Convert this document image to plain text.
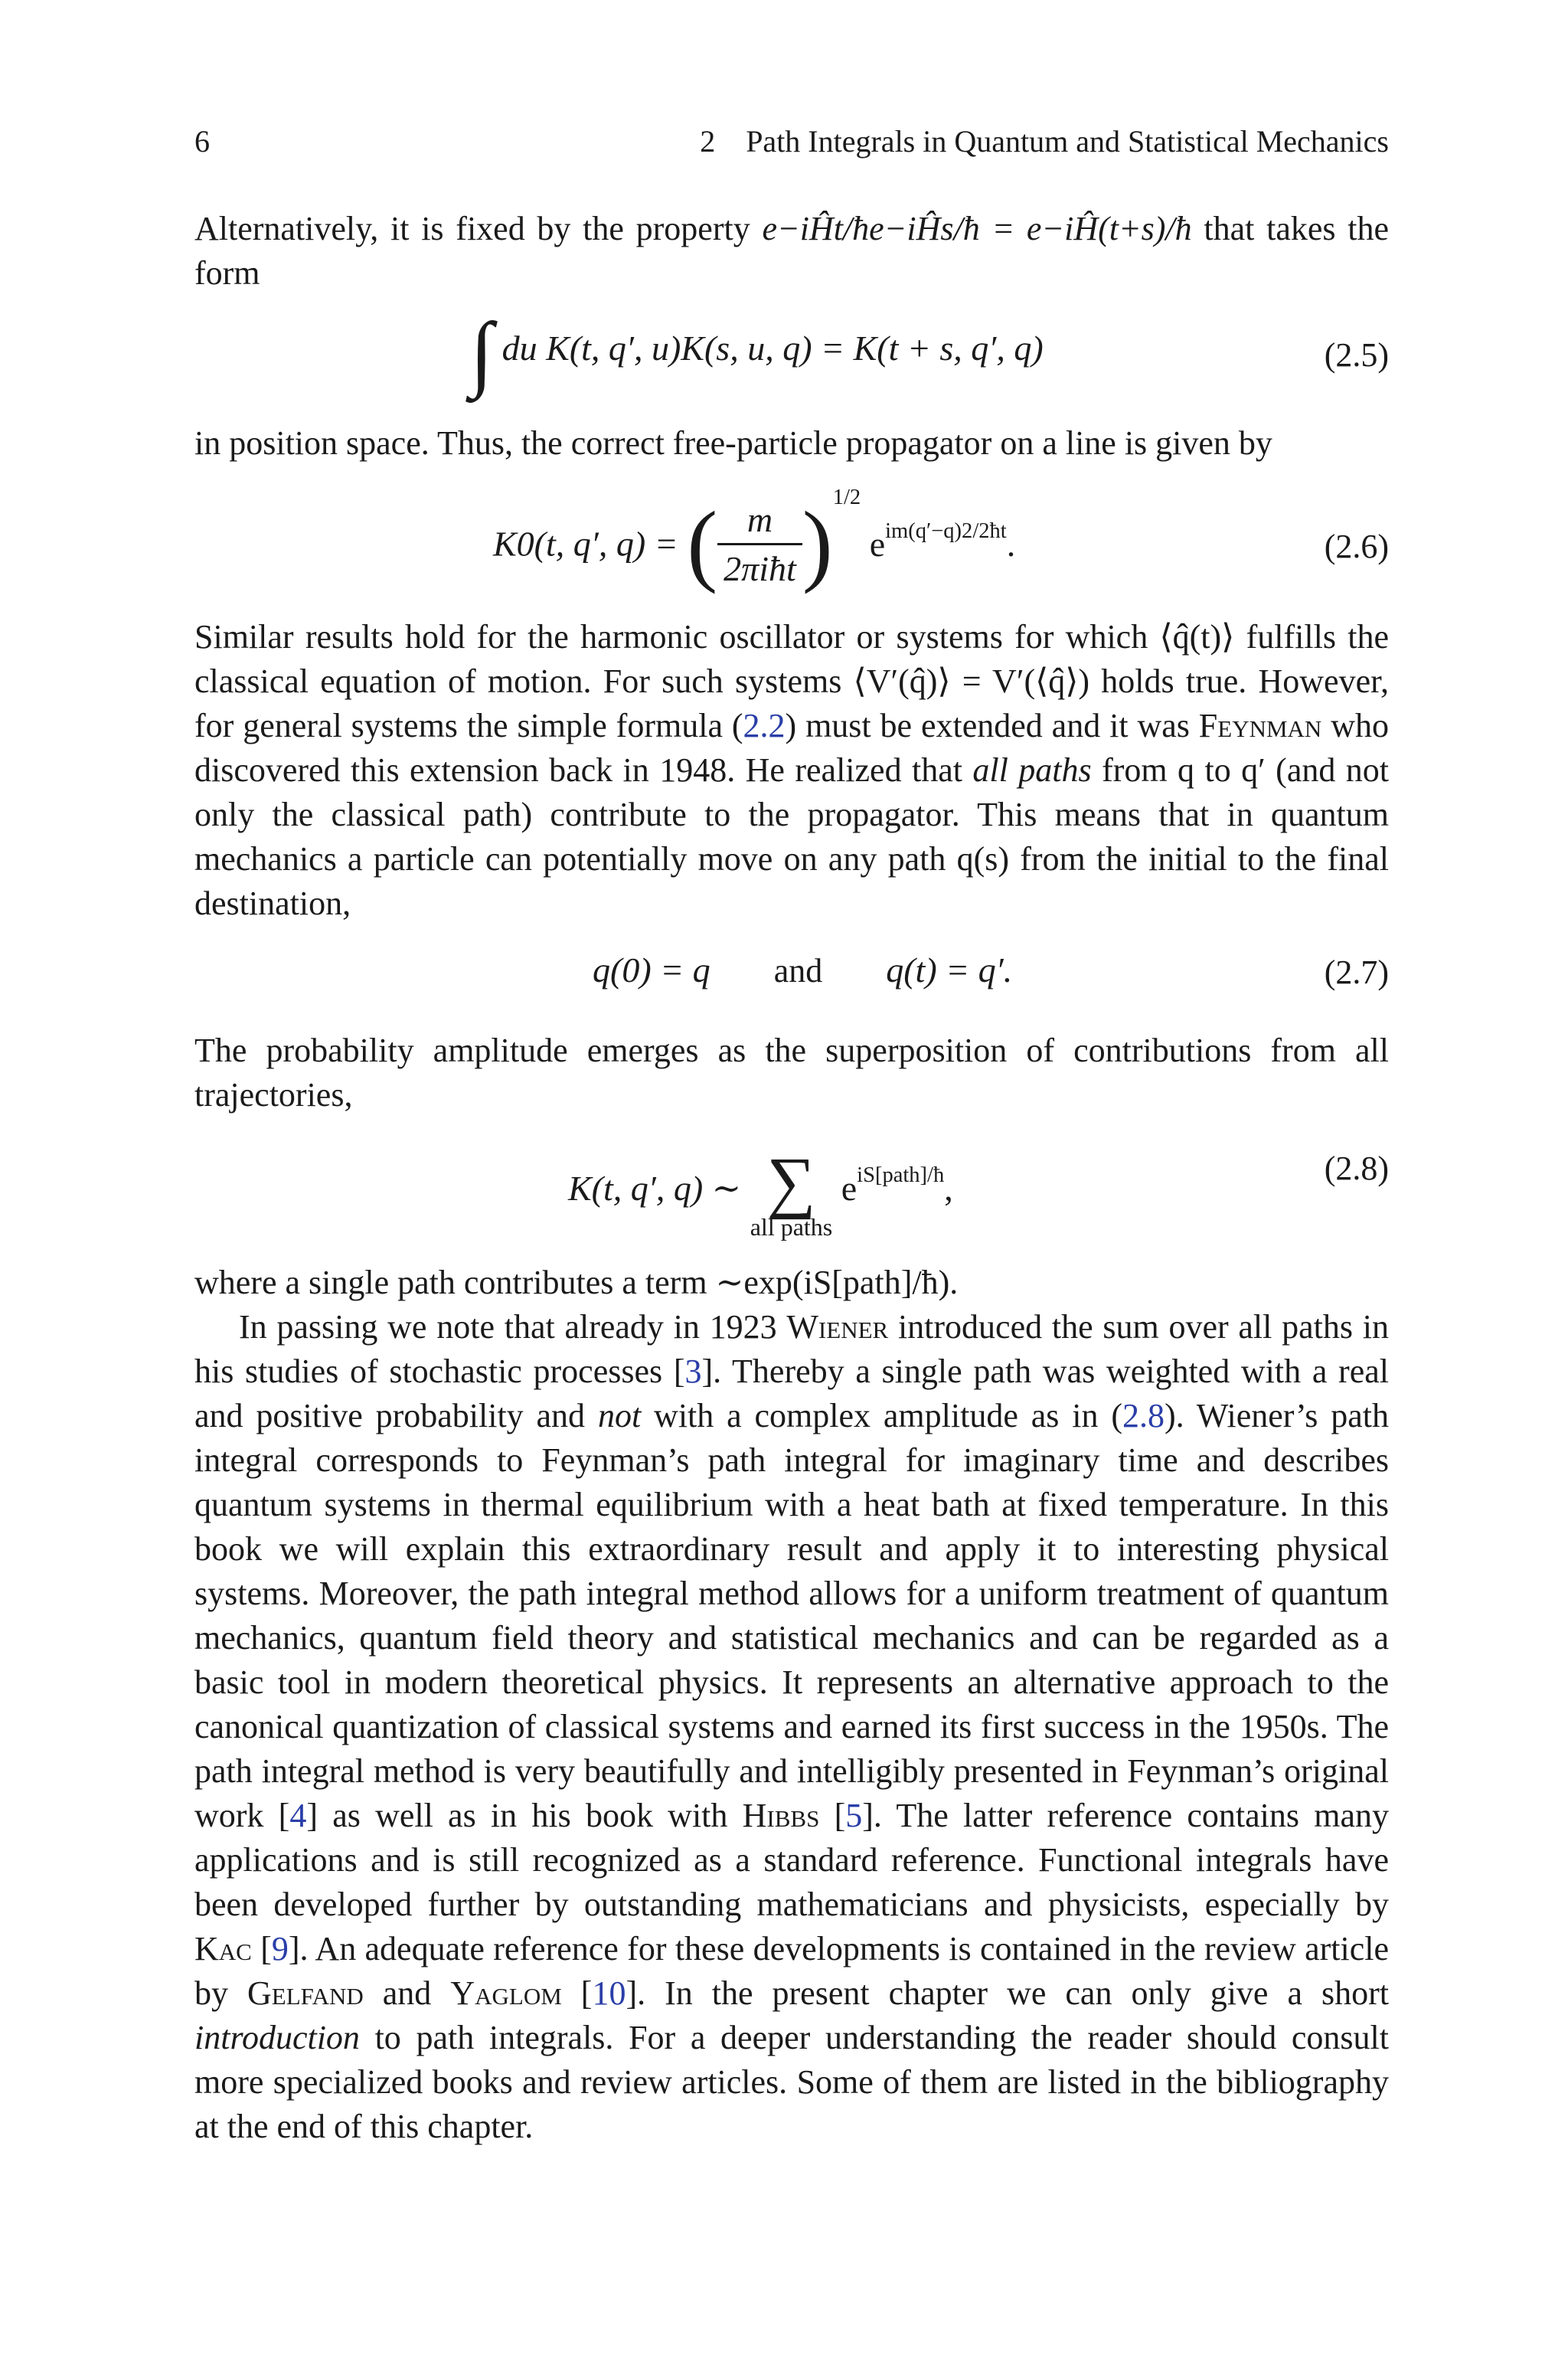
6	2    Path Integrals in Quantum and Statistical Mechanics

Alternatively, it is fixed by the property e−iĤt/ħe−iĤs/ħ = e−iĤ(t+s)/ħ that takes the form

∫ du K(t, q′, u)K(s, u, q) = K(t + s, q′, q)	(2.5)

in position space. Thus, the correct free-particle propagator on a line is given by

K0(t, q′, q) = ( $\frac{m}{\text{2πiħt}} )^{1/2}$ $e^{im(q'-q)2/2ħt}$.	(2.6)

Similar results hold for the harmonic oscillator or systems for which ⟨q̂(t)⟩ fulfills the classical equation of motion. For such systems ⟨V′(q̂)⟩ = V′(⟨q̂⟩) holds true. However, for general systems the simple formula (2.2) must be extended and it was Feynman who discovered this extension back in 1948. He realized that all paths from q to q′ (and not only the classical path) contribute to the propagator. This means that in quantum mechanics a particle can potentially move on any path q(s) from the initial to the final destination,

q(0) = q and q(t) = q′.	(2.7)

The probability amplitude emerges as the superposition of contributions from all trajectories,

K(t, q′, q) ∼ ∑
all paths
$e^{iS[path]/ħ}$,	(2.8)

where a single path contributes a term ∼exp(iS[path]/ħ).

In passing we note that already in 1923 Wiener introduced the sum over all paths in his studies of stochastic processes [3]. Thereby a single path was weighted with a real and positive probability and not with a complex amplitude as in (2.8). Wiener’s path integral corresponds to Feynman’s path integral for imaginary time and describes quantum systems in thermal equilibrium with a heat bath at fixed temperature. In this book we will explain this extraordinary result and apply it to interesting physical systems. Moreover, the path integral method allows for a uniform treatment of quantum mechanics, quantum field theory and statistical mechanics and can be regarded as a basic tool in modern theoretical physics. It represents an alternative approach to the canonical quantization of classical systems and earned its first success in the 1950s. The path integral method is very beautifully and intelligibly presented in Feynman’s original work [4] as well as in his book with Hibbs [5]. The latter reference contains many applications and is still recognized as a standard reference. Functional integrals have been developed further by outstanding mathematicians and physicists, especially by Kac [9]. An adequate reference for these developments is contained in the review article by Gelfand and Yaglom [10]. In the present chapter we can only give a short introduction to path integrals. For a deeper understanding the reader should consult more specialized books and review articles. Some of them are listed in the bibliography at the end of this chapter.
